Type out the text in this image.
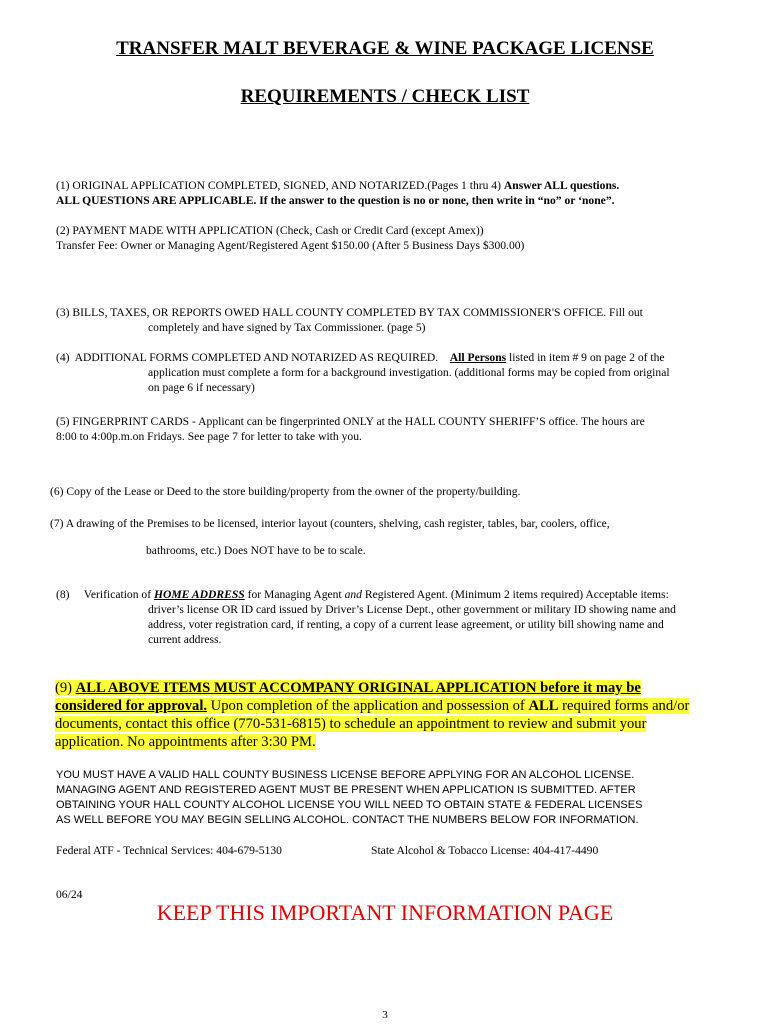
TRANSFER MALT BEVERAGE & WINE PACKAGE LICENSE
REQUIREMENTS / CHECK LIST
(1) ORIGINAL APPLICATION COMPLETED, SIGNED, AND NOTARIZED.(Pages 1 thru 4) Answer ALL questions.
ALL QUESTIONS ARE APPLICABLE. If the answer to the question is no or none, then write in “no” or ‘none”.
(2) PAYMENT MADE WITH APPLICATION (Check, Cash or Credit Card (except Amex))
Transfer Fee: Owner or Managing Agent/Registered Agent $150.00 (After 5 Business Days $300.00)
(3) BILLS, TAXES, OR REPORTS OWED HALL COUNTY COMPLETED BY TAX COMMISSIONER'S OFFICE. Fill out
completely and have signed by Tax Commissioner. (page 5)
(4)  ADDITIONAL FORMS COMPLETED AND NOTARIZED AS REQUIRED.    All Persons listed in item # 9 on page 2 of the
application must complete a form for a background investigation. (additional forms may be copied from original
on page 6 if necessary)
(5) FINGERPRINT CARDS - Applicant can be fingerprinted ONLY at the HALL COUNTY SHERIFF’S office. The hours are
8:00 to 4:00p.m.on Fridays. See page 7 for letter to take with you.
(6) Copy of the Lease or Deed to the store building/property from the owner of the property/building.
(7) A drawing of the Premises to be licensed, interior layout (counters, shelving, cash register, tables, bar, coolers, office,
bathrooms, etc.) Does NOT have to be to scale.
(8)     Verification of HOME ADDRESS for Managing Agent and Registered Agent. (Minimum 2 items required) Acceptable items:
driver’s license OR ID card issued by Driver’s License Dept., other government or military ID showing name and
address, voter registration card, if renting, a copy of a current lease agreement, or utility bill showing name and
current address.
(9) ALL ABOVE ITEMS MUST ACCOMPANY ORIGINAL APPLICATION before it may be
considered for approval. Upon completion of the application and possession of ALL required forms and/or
documents, contact this office (770-531-6815) to schedule an appointment to review and submit your
application. No appointments after 3:30 PM.
YOU MUST HAVE A VALID HALL COUNTY BUSINESS LICENSE BEFORE APPLYING FOR AN ALCOHOL LICENSE.
MANAGING AGENT AND REGISTERED AGENT MUST BE PRESENT WHEN APPLICATION IS SUBMITTED. AFTER
OBTAINING YOUR HALL COUNTY ALCOHOL LICENSE YOU WILL NEED TO OBTAIN STATE & FEDERAL LICENSES
AS WELL BEFORE YOU MAY BEGIN SELLING ALCOHOL. CONTACT THE NUMBERS BELOW FOR INFORMATION.
Federal ATF - Technical Services: 404-679-5130	State Alcohol & Tobacco License: 404-417-4490
06/24
KEEP THIS IMPORTANT INFORMATION PAGE
3
